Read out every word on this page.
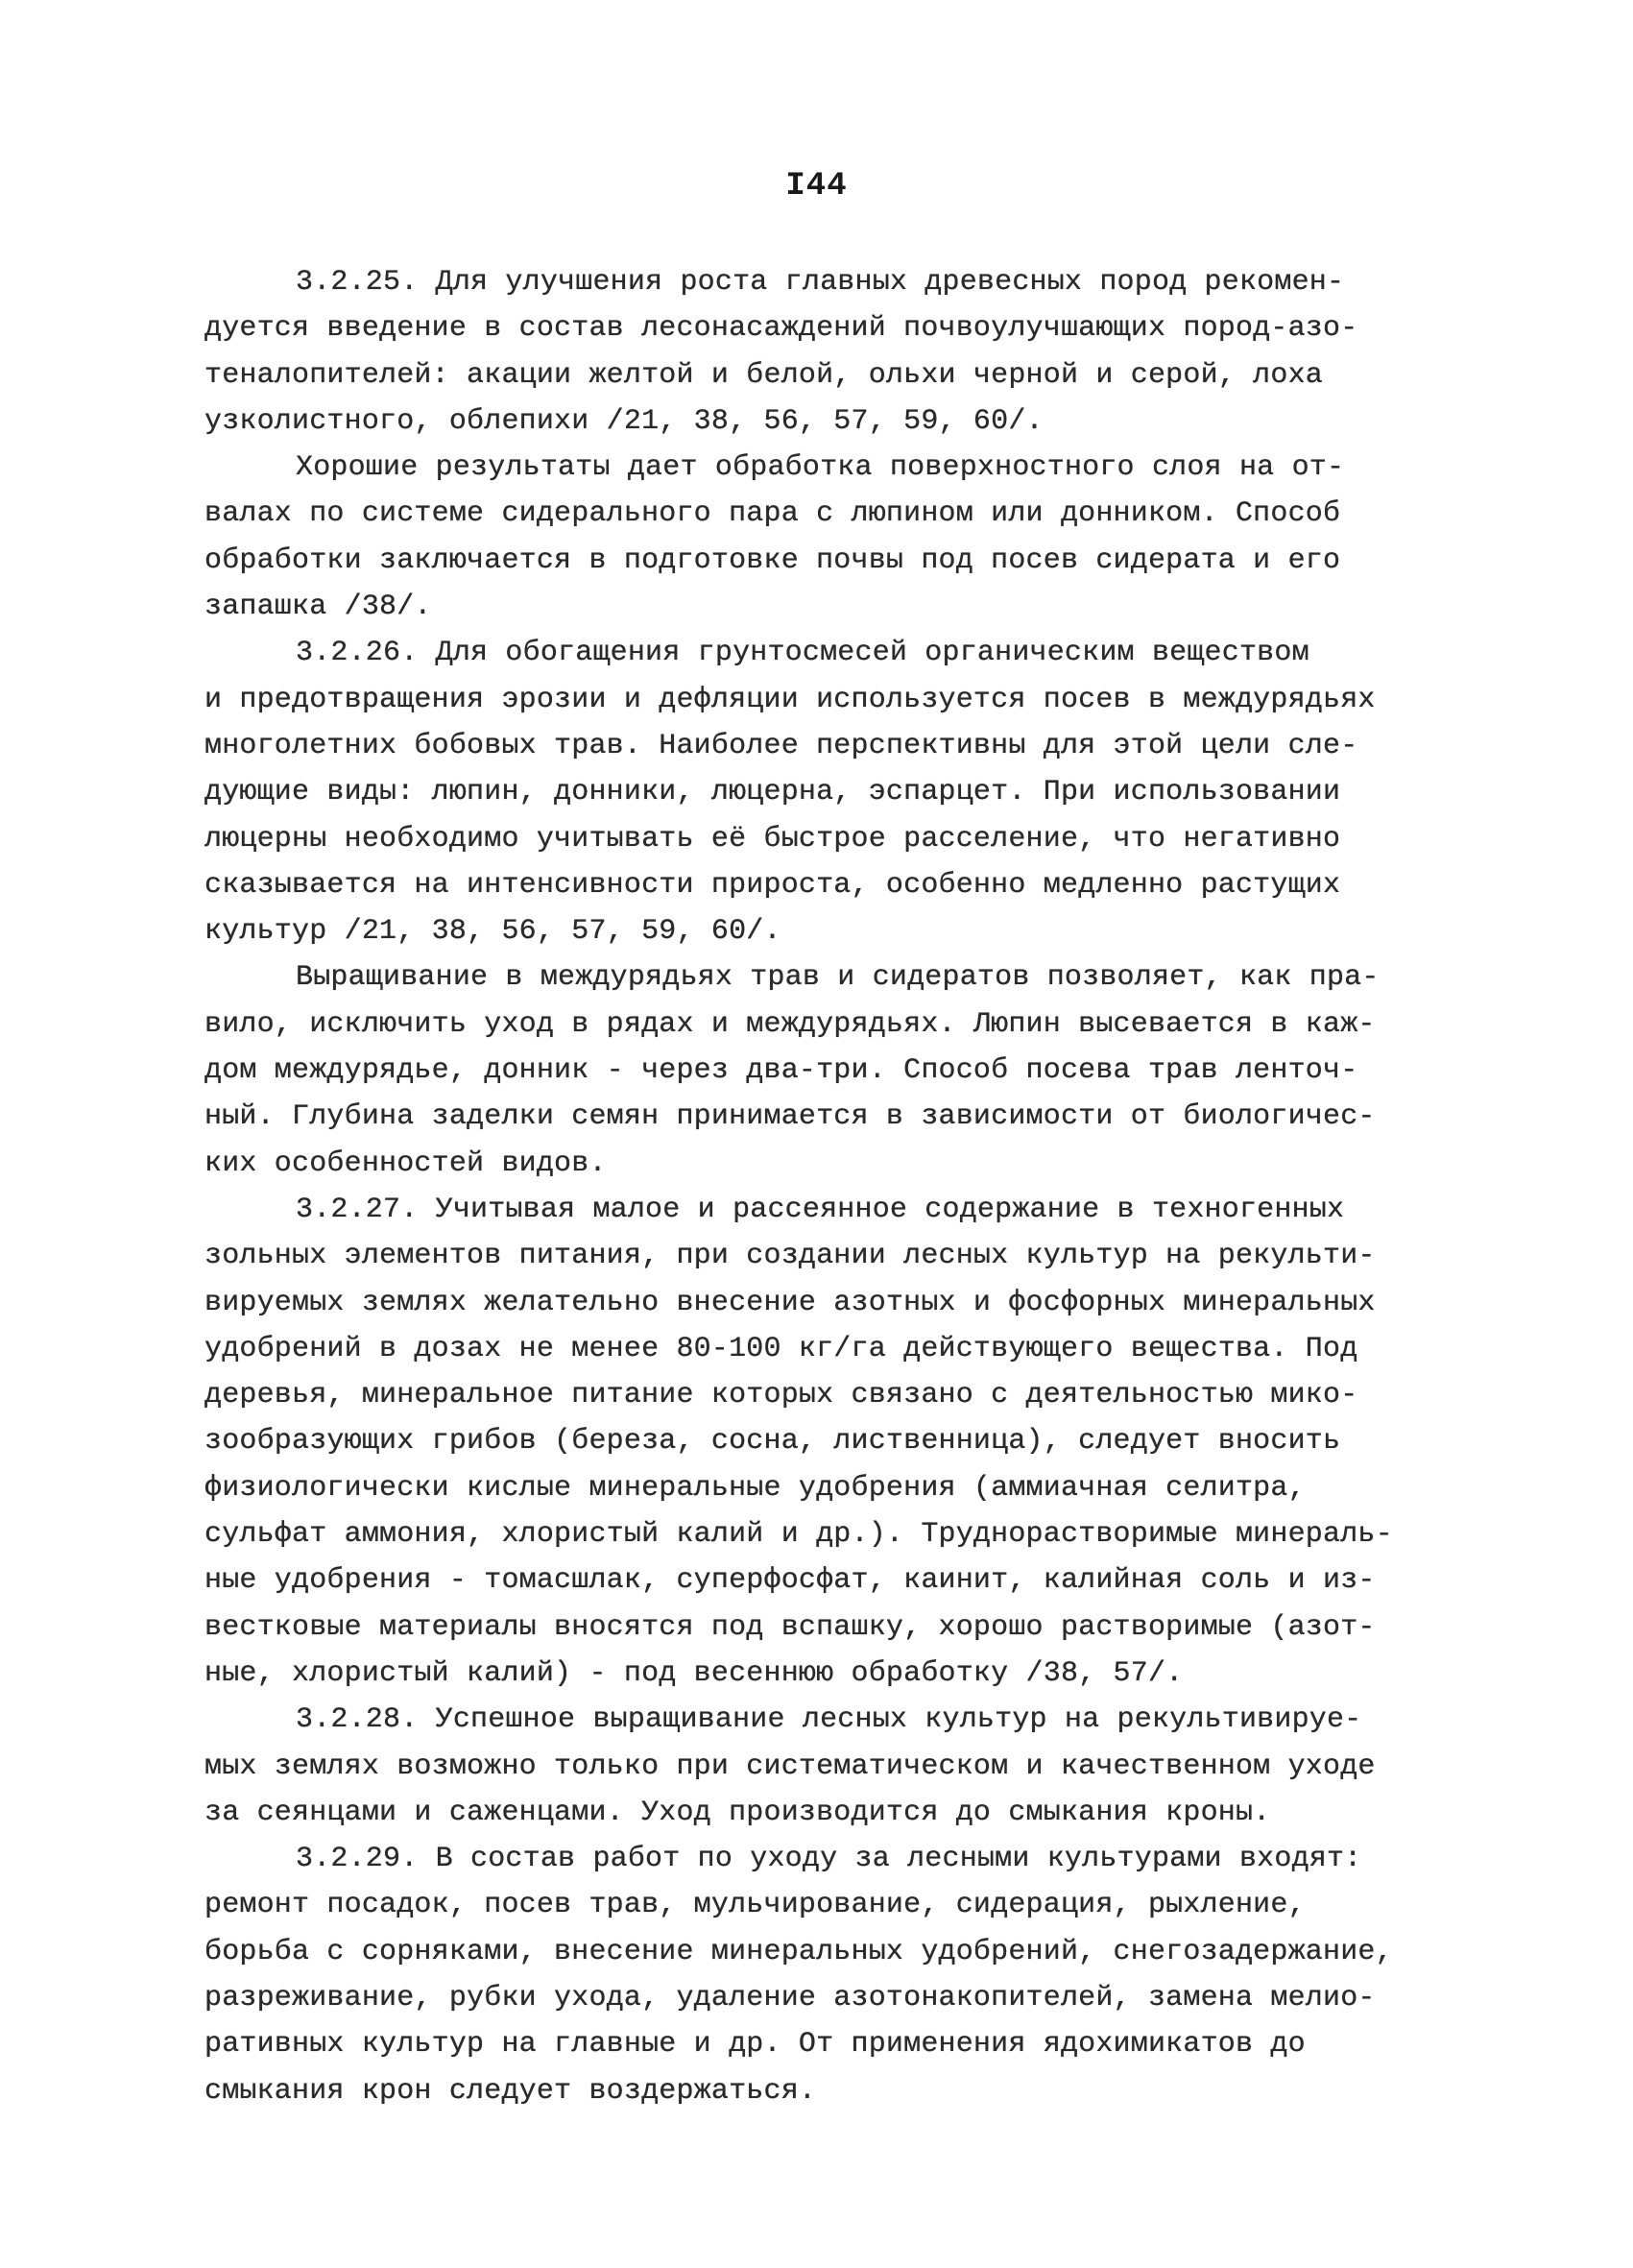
I44
3.2.25. Для улучшения роста главных древесных пород рекомен-
дуется введение в состав лесонасаждений почвоулучшающих пород-азо-
теналопителей: акации желтой и белой, ольхи черной и серой, лоха
узколистного, облепихи /21, 38, 56, 57, 59, 60/.
Хорошие результаты дает обработка поверхностного слоя на от-
валах по системе сидерального пара с люпином или донником. Способ
обработки заключается в подготовке почвы под посев сидерата и его
запашка /38/.
3.2.26. Для обогащения грунтосмесей органическим веществом
и предотвращения эрозии и дефляции используется посев в междурядьях
многолетних бобовых трав. Наиболее перспективны для этой цели сле-
дующие виды: люпин, донники, люцерна, эспарцет. При использовании
люцерны необходимо учитывать её быстрое расселение, что негативно
сказывается на интенсивности прироста, особенно медленно растущих
культур /21, 38, 56, 57, 59, 60/.
Выращивание в междурядьях трав и сидератов позволяет, как пра-
вило, исключить уход в рядах и междурядьях. Люпин высевается в каж-
дом междурядье, донник - через два-три. Способ посева трав ленточ-
ный. Глубина заделки семян принимается в зависимости от биологичес-
ких особенностей видов.
3.2.27. Учитывая малое и рассеянное содержание в техногенных
зольных элементов питания, при создании лесных культур на рекульти-
вируемых землях желательно внесение азотных и фосфорных минеральных
удобрений в дозах не менее 80-100 кг/га действующего вещества. Под
деревья, минеральное питание которых связано с деятельностью мико-
зообразующих грибов (береза, сосна, лиственница), следует вносить
физиологически кислые минеральные удобрения (аммиачная селитра,
сульфат аммония, хлористый калий и др.). Труднорастворимые минераль-
ные удобрения - томасшлак, суперфосфат, каинит, калийная соль и из-
вестковые материалы вносятся под вспашку, хорошо растворимые (азот-
ные, хлористый калий) - под весеннюю обработку /38, 57/.
3.2.28. Успешное выращивание лесных культур на рекультивируе-
мых землях возможно только при систематическом и качественном уходе
за сеянцами и саженцами. Уход производится до смыкания кроны.
3.2.29. В состав работ по уходу за лесными культурами входят:
ремонт посадок, посев трав, мульчирование, сидерация, рыхление,
борьба с сорняками, внесение минеральных удобрений, снегозадержание,
разреживание, рубки ухода, удаление азотонакопителей, замена мелио-
ративных культур на главные и др. От применения ядохимикатов до
смыкания крон следует воздержаться.
